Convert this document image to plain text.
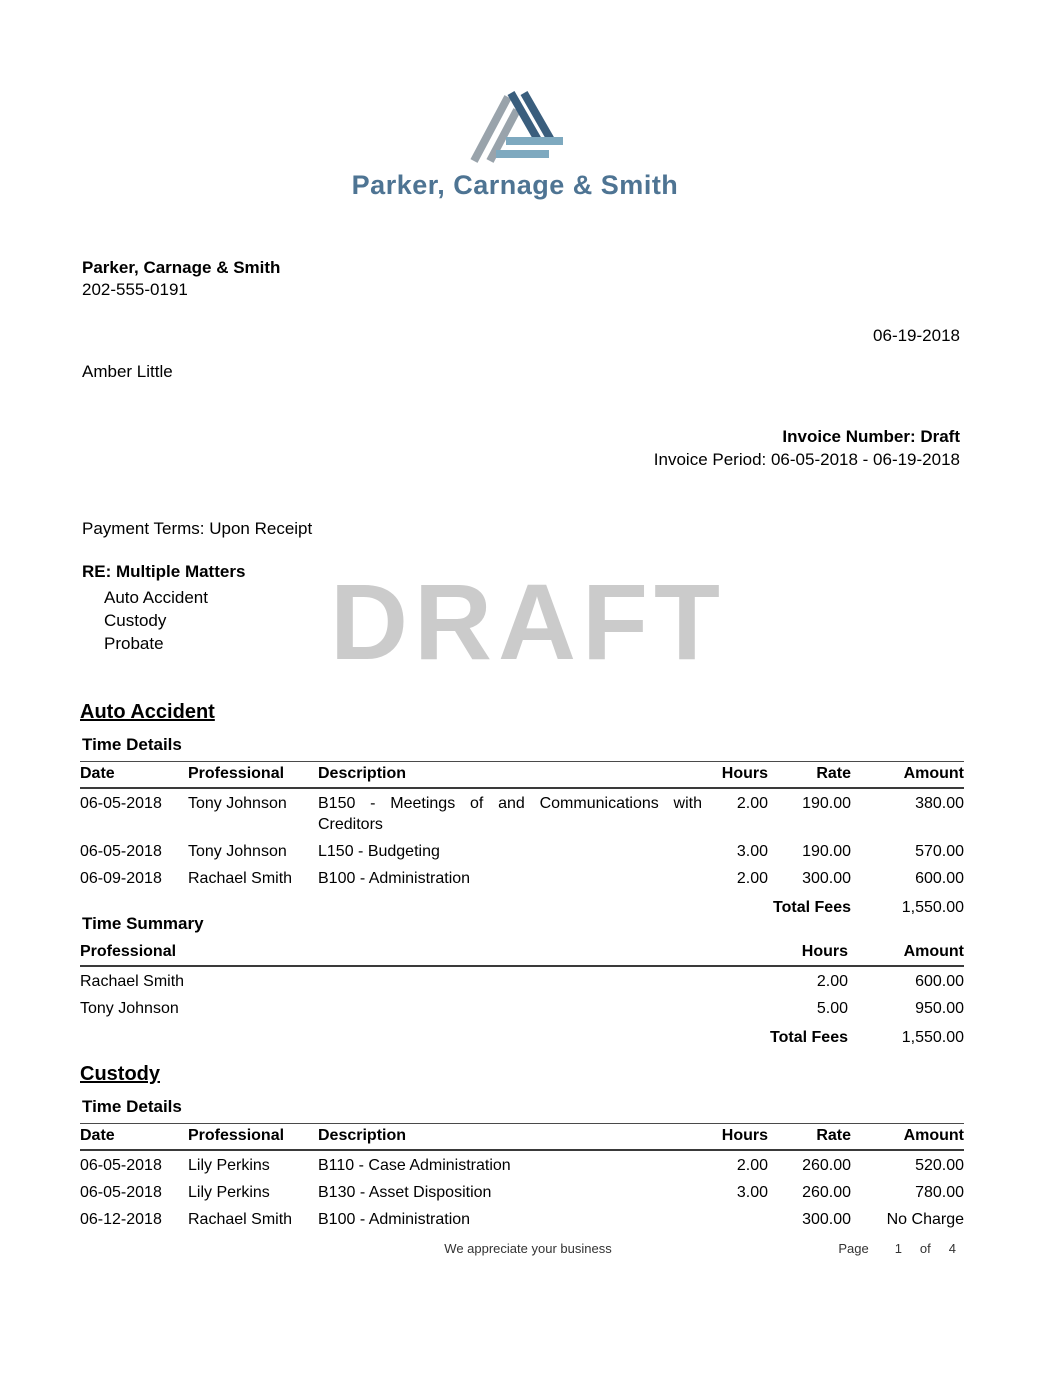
DRAFT
Parker, Carnage & Smith
Parker, Carnage & Smith
202-555-0191
06-19-2018
Amber Little
Invoice Number: Draft
Invoice Period: 06-05-2018 - 06-19-2018
Payment Terms: Upon Receipt
RE: Multiple Matters
Auto Accident
Custody
Probate
Auto Accident
Time Details
Date	Professional	Description	Hours	Rate	Amount
06-05-2018	Tony Johnson	B150 - Meetings of and Communications with Creditors	2.00	190.00	380.00
06-05-2018	Tony Johnson	L150 - Budgeting	3.00	190.00	570.00
06-09-2018	Rachael Smith	B100 - Administration	2.00	300.00	600.00
Total Fees					1,550.00
Time Summary
Professional	Hours	Amount
Rachael Smith	2.00	600.00
Tony Johnson	5.00	950.00
Total Fees		1,550.00
Custody
Time Details
Date	Professional	Description	Hours	Rate	Amount
06-05-2018	Lily Perkins	B110 - Case Administration	2.00	260.00	520.00
06-05-2018	Lily Perkins	B130 - Asset Disposition	3.00	260.00	780.00
06-12-2018	Rachael Smith	B100 - Administration		300.00	No Charge
We appreciate your business	Page 1 of 4
